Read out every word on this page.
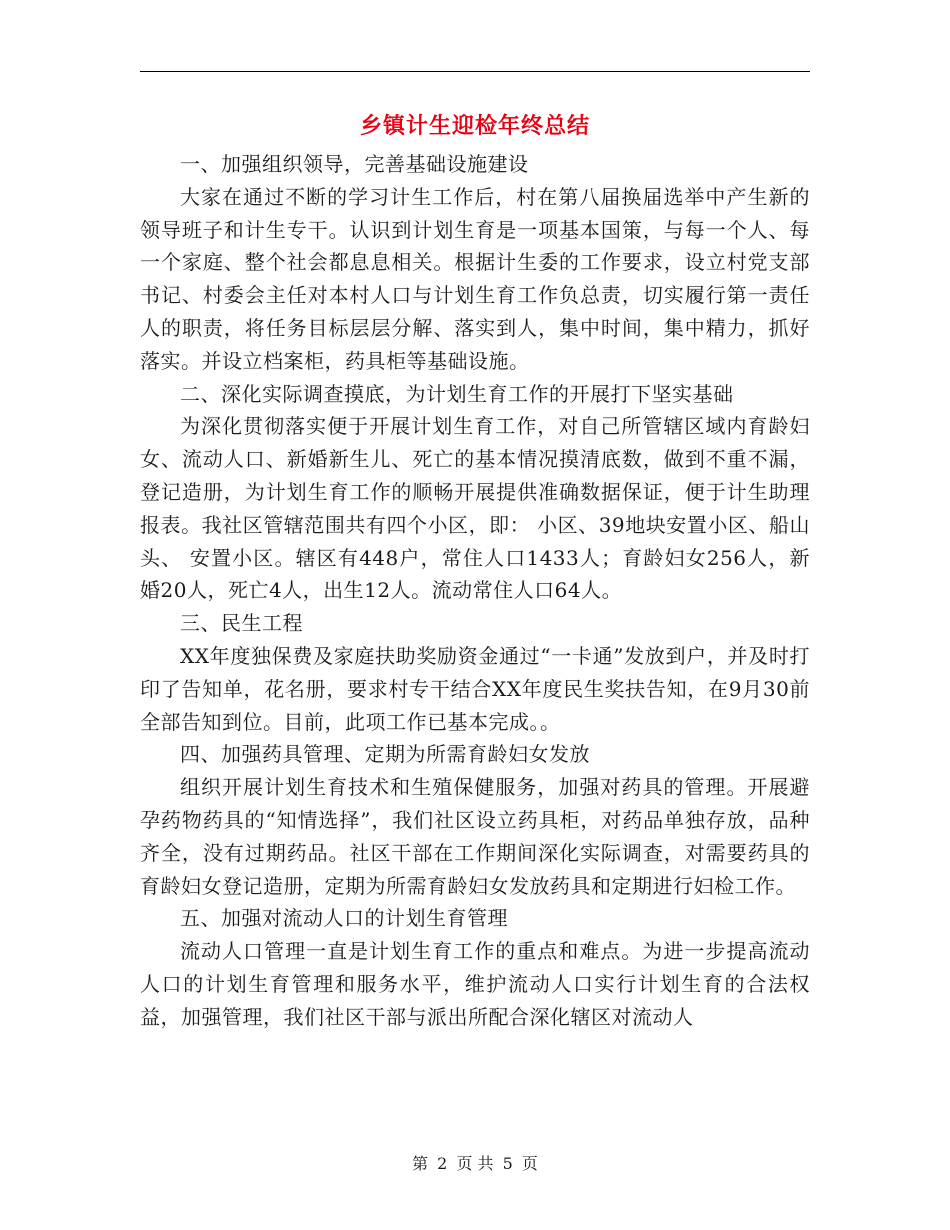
乡镇计生迎检年终总结

一、加强组织领导，完善基础设施建设

大家在通过不断的学习计生工作后，村在第八届换届选举中产生新的领导班子和计生专干。认识到计划生育是一项基本国策，与每一个人、每一个家庭、整个社会都息息相关。根据计生委的工作要求，设立村党支部书记、村委会主任对本村人口与计划生育工作负总责，切实履行第一责任人的职责，将任务目标层层分解、落实到人，集中时间，集中精力，抓好落实。并设立档案柜，药具柜等基础设施。

二、深化实际调查摸底，为计划生育工作的开展打下坚实基础

为深化贯彻落实便于开展计划生育工作，对自己所管辖区域内育龄妇女、流动人口、新婚新生儿、死亡的基本情况摸清底数，做到不重不漏，登记造册，为计划生育工作的顺畅开展提供准确数据保证，便于计生助理报表。我社区管辖范围共有四个小区，即： 小区、39地块安置小区、船山头、 安置小区。辖区有448户，常住人口1433人；育龄妇女256人，新婚20人，死亡4人，出生12人。流动常住人口64人。

三、民生工程

XX年度独保费及家庭扶助奖励资金通过“一卡通”发放到户，并及时打印了告知单，花名册，要求村专干结合XX年度民生奖扶告知，在9月30前全部告知到位。目前，此项工作已基本完成。。

四、加强药具管理、定期为所需育龄妇女发放

组织开展计划生育技术和生殖保健服务，加强对药具的管理。开展避孕药物药具的“知情选择”，我们社区设立药具柜，对药品单独存放，品种齐全，没有过期药品。社区干部在工作期间深化实际调查，对需要药具的育龄妇女登记造册，定期为所需育龄妇女发放药具和定期进行妇检工作。

五、加强对流动人口的计划生育管理

流动人口管理一直是计划生育工作的重点和难点。为进一步提高流动人口的计划生育管理和服务水平，维护流动人口实行计划生育的合法权益，加强管理，我们社区干部与派出所配合深化辖区对流动人

第 2 页 共 5 页
